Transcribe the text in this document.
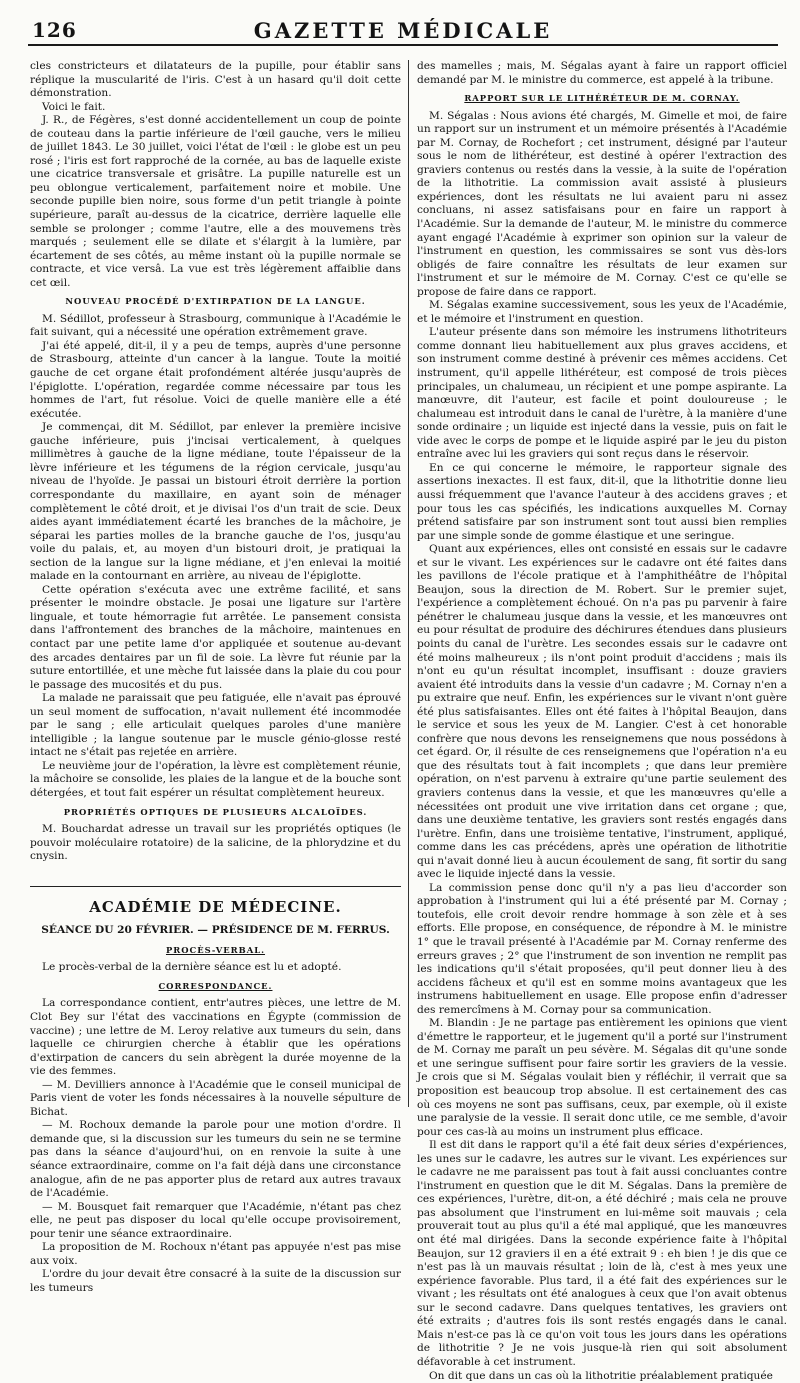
126	GAZETTE MÉDICALE

cles constricteurs et dilatateurs de la pupille, pour établir sans réplique la muscularité de l'iris. C'est à un hasard qu'il doit cette démonstration.

Voici le fait.

J. R., de Fégères, s'est donné accidentellement un coup de pointe de couteau dans la partie inférieure de l'œil gauche, vers le milieu de juillet 1843. Le 30 juillet, voici l'état de l'œil : le globe est un peu rosé ; l'iris est fort rapproché de la cornée, au bas de laquelle existe une cicatrice transversale et grisâtre. La pupille naturelle est un peu oblongue verticalement, parfaitement noire et mobile. Une seconde pupille bien noire, sous forme d'un petit triangle à pointe supérieure, paraît au-dessus de la cicatrice, derrière laquelle elle semble se prolonger ; comme l'autre, elle a des mouvemens très marqués ; seulement elle se dilate et s'élargit à la lumière, par écartement de ses côtés, au même instant où la pupille normale se contracte, et vice versâ. La vue est très légèrement affaiblie dans cet œil.

NOUVEAU PROCÉDÉ D'EXTIRPATION DE LA LANGUE.

M. Sédillot, professeur à Strasbourg, communique à l'Académie le fait suivant, qui a nécessité une opération extrêmement grave.

J'ai été appelé, dit-il, il y a peu de temps, auprès d'une personne de Strasbourg, atteinte d'un cancer à la langue. Toute la moitié gauche de cet organe était profondément altérée jusqu'auprès de l'épiglotte. L'opération, regardée comme nécessaire par tous les hommes de l'art, fut résolue. Voici de quelle manière elle a été exécutée.

Je commençai, dit M. Sédillot, par enlever la première incisive gauche inférieure, puis j'incisai verticalement, à quelques millimètres à gauche de la ligne médiane, toute l'épaisseur de la lèvre inférieure et les tégumens de la région cervicale, jusqu'au niveau de l'hyoïde. Je passai un bistouri étroit derrière la portion correspondante du maxillaire, en ayant soin de ménager complètement le côté droit, et je divisai l'os d'un trait de scie. Deux aides ayant immédiatement écarté les branches de la mâchoire, je séparai les parties molles de la branche gauche de l'os, jusqu'au voile du palais, et, au moyen d'un bistouri droit, je pratiquai la section de la langue sur la ligne médiane, et j'en enlevai la moitié malade en la contournant en arrière, au niveau de l'épiglotte.

Cette opération s'exécuta avec une extrême facilité, et sans présenter le moindre obstacle. Je posai une ligature sur l'artère linguale, et toute hémorragie fut arrêtée. Le pansement consista dans l'affrontement des branches de la mâchoire, maintenues en contact par une petite lame d'or appliquée et soutenue au-devant des arcades dentaires par un fil de soie. La lèvre fut réunie par la suture entortillée, et une mèche fut laissée dans la plaie du cou pour le passage des mucosités et du pus.

La malade ne paraissait que peu fatiguée, elle n'avait pas éprouvé un seul moment de suffocation, n'avait nullement été incommodée par le sang ; elle articulait quelques paroles d'une manière intelligible ; la langue soutenue par le muscle génio-glosse resté intact ne s'était pas rejetée en arrière.

Le neuvième jour de l'opération, la lèvre est complètement réunie, la mâchoire se consolide, les plaies de la langue et de la bouche sont détergées, et tout fait espérer un résultat complètement heureux.

PROPRIÉTÉS OPTIQUES DE PLUSIEURS ALCALOÏDES.

M. Bouchardat adresse un travail sur les propriétés optiques (le pouvoir moléculaire rotatoire) de la salicine, de la phlorydzine et du cnysin.

ACADÉMIE DE MÉDECINE.
SÉANCE DU 20 FÉVRIER. — PRÉSIDENCE DE M. FERRUS.
PROCÈS-VERBAL.

Le procès-verbal de la dernière séance est lu et adopté.

CORRESPONDANCE.

La correspondance contient, entr'autres pièces, une lettre de M. Clot Bey sur l'état des vaccinations en Égypte (commission de vaccine) ; une lettre de M. Leroy relative aux tumeurs du sein, dans laquelle ce chirurgien cherche à établir que les opérations d'extirpation de cancers du sein abrègent la durée moyenne de la vie des femmes.

— M. Devilliers annonce à l'Académie que le conseil municipal de Paris vient de voter les fonds nécessaires à la nouvelle sépulture de Bichat.

— M. Rochoux demande la parole pour une motion d'ordre. Il demande que, si la discussion sur les tumeurs du sein ne se termine pas dans la séance d'aujourd'hui, on en renvoie la suite à une séance extraordinaire, comme on l'a fait déjà dans une circonstance analogue, afin de ne pas apporter plus de retard aux autres travaux de l'Académie.

— M. Bousquet fait remarquer que l'Académie, n'étant pas chez elle, ne peut pas disposer du local qu'elle occupe provisoirement, pour tenir une séance extraordinaire.

La proposition de M. Rochoux n'étant pas appuyée n'est pas mise aux voix.

L'ordre du jour devait être consacré à la suite de la discussion sur les tumeurs

des mamelles ; mais, M. Ségalas ayant à faire un rapport officiel demandé par M. le ministre du commerce, est appelé à la tribune.

RAPPORT SUR LE LITHÉRÉTEUR DE M. CORNAY.

M. Ségalas : Nous avions été chargés, M. Gimelle et moi, de faire un rapport sur un instrument et un mémoire présentés à l'Académie par M. Cornay, de Rochefort ; cet instrument, désigné par l'auteur sous le nom de lithéréteur, est destiné à opérer l'extraction des graviers contenus ou restés dans la vessie, à la suite de l'opération de la lithotritie. La commission avait assisté à plusieurs expériences, dont les résultats ne lui avaient paru ni assez concluans, ni assez satisfaisans pour en faire un rapport à l'Académie. Sur la demande de l'auteur, M. le ministre du commerce ayant engagé l'Académie à exprimer son opinion sur la valeur de l'instrument en question, les commissaires se sont vus dès-lors obligés de faire connaître les résultats de leur examen sur l'instrument et sur le mémoire de M. Cornay. C'est ce qu'elle se propose de faire dans ce rapport.

M. Ségalas examine successivement, sous les yeux de l'Académie, et le mémoire et l'instrument en question.

L'auteur présente dans son mémoire les instrumens lithotriteurs comme donnant lieu habituellement aux plus graves accidens, et son instrument comme destiné à prévenir ces mêmes accidens. Cet instrument, qu'il appelle lithéréteur, est composé de trois pièces principales, un chalumeau, un récipient et une pompe aspirante. La manœuvre, dit l'auteur, est facile et point douloureuse ; le chalumeau est introduit dans le canal de l'urètre, à la manière d'une sonde ordinaire ; un liquide est injecté dans la vessie, puis on fait le vide avec le corps de pompe et le liquide aspiré par le jeu du piston entraîne avec lui les graviers qui sont reçus dans le réservoir.

En ce qui concerne le mémoire, le rapporteur signale des assertions inexactes. Il est faux, dit-il, que la lithotritie donne lieu aussi fréquemment que l'avance l'auteur à des accidens graves ; et pour tous les cas spécifiés, les indications auxquelles M. Cornay prétend satisfaire par son instrument sont tout aussi bien remplies par une simple sonde de gomme élastique et une seringue.

Quant aux expériences, elles ont consisté en essais sur le cadavre et sur le vivant. Les expériences sur le cadavre ont été faites dans les pavillons de l'école pratique et à l'amphithéâtre de l'hôpital Beaujon, sous la direction de M. Robert. Sur le premier sujet, l'expérience a complètement échoué. On n'a pas pu parvenir à faire pénétrer le chalumeau jusque dans la vessie, et les manœuvres ont eu pour résultat de produire des déchirures étendues dans plusieurs points du canal de l'urètre. Les secondes essais sur le cadavre ont été moins malheureux ; ils n'ont point produit d'accidens ; mais ils n'ont eu qu'un résultat incomplet, insuffisant : douze graviers avaient été introduits dans la vessie d'un cadavre ; M. Cornay n'en a pu extraire que neuf. Enfin, les expériences sur le vivant n'ont guère été plus satisfaisantes. Elles ont été faites à l'hôpital Beaujon, dans le service et sous les yeux de M. Langier. C'est à cet honorable confrère que nous devons les renseignemens que nous possédons à cet égard. Or, il résulte de ces renseignemens que l'opération n'a eu que des résultats tout à fait incomplets ; que dans leur première opération, on n'est parvenu à extraire qu'une partie seulement des graviers contenus dans la vessie, et que les manœuvres qu'elle a nécessitées ont produit une vive irritation dans cet organe ; que, dans une deuxième tentative, les graviers sont restés engagés dans l'urètre. Enfin, dans une troisième tentative, l'instrument, appliqué, comme dans les cas précédens, après une opération de lithotritie qui n'avait donné lieu à aucun écoulement de sang, fit sortir du sang avec le liquide injecté dans la vessie.

La commission pense donc qu'il n'y a pas lieu d'accorder son approbation à l'instrument qui lui a été présenté par M. Cornay ; toutefois, elle croit devoir rendre hommage à son zèle et à ses efforts. Elle propose, en conséquence, de répondre à M. le ministre 1° que le travail présenté à l'Académie par M. Cornay renferme des erreurs graves ; 2° que l'instrument de son invention ne remplit pas les indications qu'il s'était proposées, qu'il peut donner lieu à des accidens fâcheux et qu'il est en somme moins avantageux que les instrumens habituellement en usage. Elle propose enfin d'adresser des remercîmens à M. Cornay pour sa communication.

M. Blandin : Je ne partage pas entièrement les opinions que vient d'émettre le rapporteur, et le jugement qu'il a porté sur l'instrument de M. Cornay me paraît un peu sévère. M. Ségalas dit qu'une sonde et une seringue suffisent pour faire sortir les graviers de la vessie. Je crois que si M. Ségalas voulait bien y réfléchir, il verrait que sa proposition est beaucoup trop absolue. Il est certainement des cas où ces moyens ne sont pas suffisans, ceux, par exemple, où il existe une paralysie de la vessie. Il serait donc utile, ce me semble, d'avoir pour ces cas-là au moins un instrument plus efficace.

Il est dit dans le rapport qu'il a été fait deux séries d'expériences, les unes sur le cadavre, les autres sur le vivant. Les expériences sur le cadavre ne me paraissent pas tout à fait aussi concluantes contre l'instrument en question que le dit M. Ségalas. Dans la première de ces expériences, l'urètre, dit-on, a été déchiré ; mais cela ne prouve pas absolument que l'instrument en lui-même soit mauvais ; cela prouverait tout au plus qu'il a été mal appliqué, que les manœuvres ont été mal dirigées. Dans la seconde expérience faite à l'hôpital Beaujon, sur 12 graviers il en a été extrait 9 : eh bien ! je dis que ce n'est pas là un mauvais résultat ; loin de là, c'est à mes yeux une expérience favorable. Plus tard, il a été fait des expériences sur le vivant ; les résultats ont été analogues à ceux que l'on avait obtenus sur le second cadavre. Dans quelques tentatives, les graviers ont été extraits ; d'autres fois ils sont restés engagés dans le canal. Mais n'est-ce pas là ce qu'on voit tous les jours dans les opérations de lithotritie ? Je ne vois jusque-là rien qui soit absolument défavorable à cet instrument.

On dit que dans un cas où la lithotritie préalablement pratiquée
